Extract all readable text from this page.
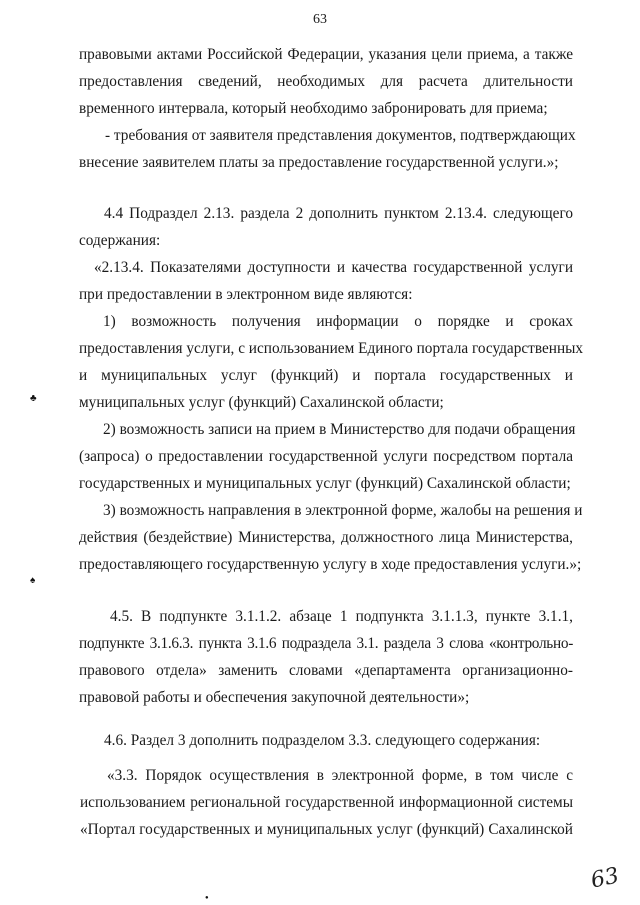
63
правовыми актами Российской Федерации, указания цели приема, а также
предоставления сведений, необходимых для расчета длительности
временного интервала, который необходимо забронировать для приема;
- требования от заявителя представления документов, подтверждающих
внесение заявителем платы за предоставление государственной услуги.»;
4.4 Подраздел 2.13. раздела 2 дополнить пунктом 2.13.4. следующего
содержания:
«2.13.4. Показателями доступности и качества государственной услуги
при предоставлении в электронном виде являются:
1) возможность получения информации о порядке и сроках
предоставления услуги, с использованием Единого портала государственных
и муниципальных услуг (функций) и портала государственных и
муниципальных услуг (функций) Сахалинской области;
2) возможность записи на прием в Министерство для подачи обращения
(запроса) о предоставлении государственной услуги посредством портала
государственных и муниципальных услуг (функций) Сахалинской области;
3) возможность направления в электронной форме, жалобы на решения и
действия (бездействие) Министерства, должностного лица Министерства,
предоставляющего государственную услугу в ходе предоставления услуги.»;
4.5. В подпункте 3.1.1.2. абзаце 1 подпункта 3.1.1.3, пункте 3.1.1,
подпункте 3.1.6.3. пункта 3.1.6 подраздела 3.1. раздела 3 слова «контрольно-
правового отдела» заменить словами «департамента организационно-
правовой работы и обеспечения закупочной деятельности»;
4.6. Раздел 3 дополнить подразделом 3.3. следующего содержания:
«3.3. Порядок осуществления в электронной форме, в том числе с
использованием региональной государственной информационной системы
«Портал государственных и муниципальных услуг (функций) Сахалинской
♣
♠
●
63
